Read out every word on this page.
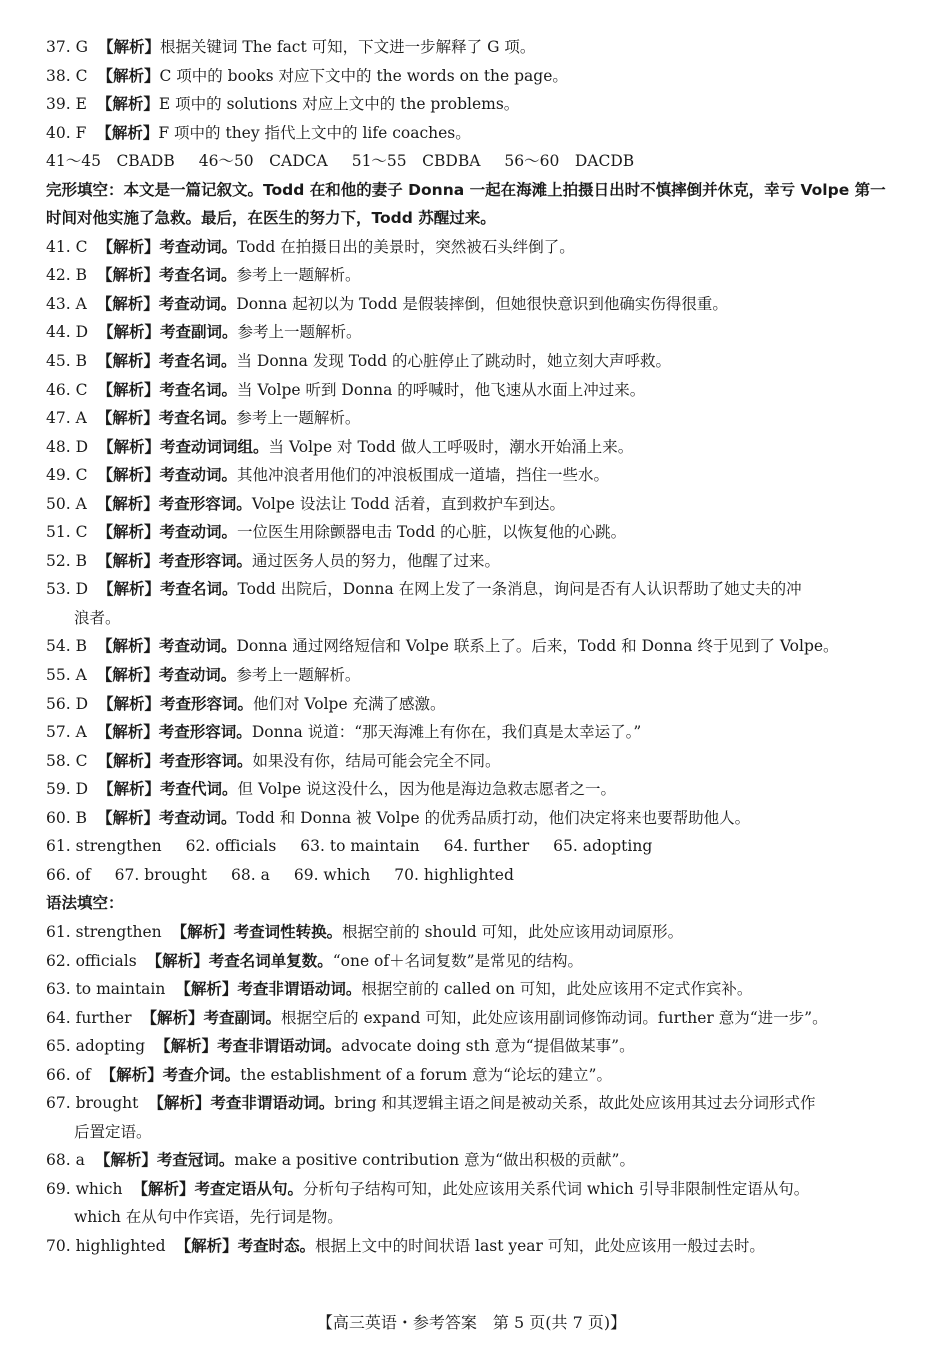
37. G 【解析】根据关键词 The fact 可知，下文进一步解释了 G 项。
38. C 【解析】C 项中的 books 对应下文中的 the words on the page。
39. E 【解析】E 项中的 solutions 对应上文中的 the problems。
40. F 【解析】F 项中的 they 指代上文中的 life coaches。
41～45　CBADB 46～50　CADCA 51～55　CBDBA 56～60　DACDB
完形填空：本文是一篇记叙文。Todd 在和他的妻子 Donna 一起在海滩上拍摄日出时不慎摔倒并休克，幸亏 Volpe 第一时间对他实施了急救。最后，在医生的努力下，Todd 苏醒过来。
41. C 【解析】考查动词。Todd 在拍摄日出的美景时，突然被石头绊倒了。
42. B 【解析】考查名词。参考上一题解析。
43. A 【解析】考查动词。Donna 起初以为 Todd 是假装摔倒，但她很快意识到他确实伤得很重。
44. D 【解析】考查副词。参考上一题解析。
45. B 【解析】考查名词。当 Donna 发现 Todd 的心脏停止了跳动时，她立刻大声呼救。
46. C 【解析】考查名词。当 Volpe 听到 Donna 的呼喊时，他飞速从水面上冲过来。
47. A 【解析】考查名词。参考上一题解析。
48. D 【解析】考查动词词组。当 Volpe 对 Todd 做人工呼吸时，潮水开始涌上来。
49. C 【解析】考查动词。其他冲浪者用他们的冲浪板围成一道墙，挡住一些水。
50. A 【解析】考查形容词。Volpe 设法让 Todd 活着，直到救护车到达。
51. C 【解析】考查动词。一位医生用除颤器电击 Todd 的心脏，以恢复他的心跳。
52. B 【解析】考查形容词。通过医务人员的努力，他醒了过来。
53. D 【解析】考查名词。Todd 出院后，Donna 在网上发了一条消息，询问是否有人认识帮助了她丈夫的冲
浪者。
54. B 【解析】考查动词。Donna 通过网络短信和 Volpe 联系上了。后来，Todd 和 Donna 终于见到了 Volpe。
55. A 【解析】考查动词。参考上一题解析。
56. D 【解析】考查形容词。他们对 Volpe 充满了感激。
57. A 【解析】考查形容词。Donna 说道：“那天海滩上有你在，我们真是太幸运了。”
58. C 【解析】考查形容词。如果没有你，结局可能会完全不同。
59. D 【解析】考查代词。但 Volpe 说这没什么，因为他是海边急救志愿者之一。
60. B 【解析】考查动词。Todd 和 Donna 被 Volpe 的优秀品质打动，他们决定将来也要帮助他人。
61. strengthen 62. officials 63. to maintain 64. further 65. adopting
66. of 67. brought 68. a 69. which 70. highlighted
语法填空：
61. strengthen 【解析】考查词性转换。根据空前的 should 可知，此处应该用动词原形。
62. officials 【解析】考查名词单复数。“one of＋名词复数”是常见的结构。
63. to maintain 【解析】考查非谓语动词。根据空前的 called on 可知，此处应该用不定式作宾补。
64. further 【解析】考查副词。根据空后的 expand 可知，此处应该用副词修饰动词。further 意为“进一步”。
65. adopting 【解析】考查非谓语动词。advocate doing sth 意为“提倡做某事”。
66. of 【解析】考查介词。the establishment of a forum 意为“论坛的建立”。
67. brought 【解析】考查非谓语动词。bring 和其逻辑主语之间是被动关系，故此处应该用其过去分词形式作
后置定语。
68. a 【解析】考查冠词。make a positive contribution 意为“做出积极的贡献”。
69. which 【解析】考查定语从句。分析句子结构可知，此处应该用关系代词 which 引导非限制性定语从句。
which 在从句中作宾语，先行词是物。
70. highlighted 【解析】考查时态。根据上文中的时间状语 last year 可知，此处应该用一般过去时。
【高三英语・参考答案　第 5 页(共 7 页)】
